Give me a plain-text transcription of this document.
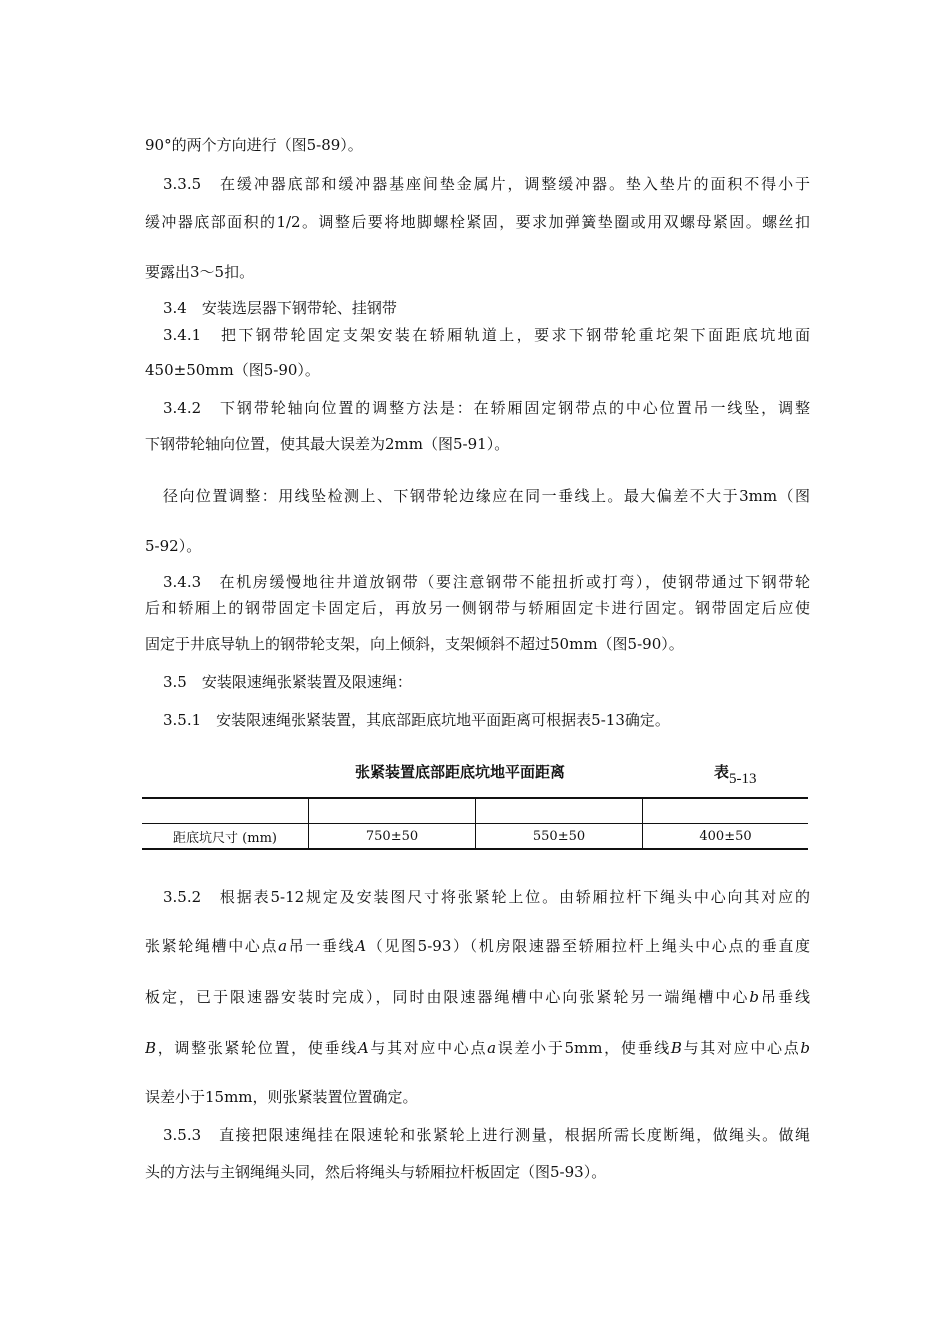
90°的两个方向进行（图5-89）。
3.3.5　在缓冲器底部和缓冲器基座间垫金属片，调整缓冲器。垫入垫片的面积不得小于
缓冲器底部面积的1/2。调整后要将地脚螺栓紧固，要求加弹簧垫圈或用双螺母紧固。螺丝扣
要露出3～5扣。
3.4　安装选层器下钢带轮、挂钢带
3.4.1　把下钢带轮固定支架安装在轿厢轨道上，要求下钢带轮重坨架下面距底坑地面
450±50mm（图5-90）。
3.4.2　下钢带轮轴向位置的调整方法是：在轿厢固定钢带点的中心位置吊一线坠，调整
下钢带轮轴向位置，使其最大误差为2mm（图5-91）。
径向位置调整：用线坠检测上、下钢带轮边缘应在同一垂线上。最大偏差不大于3mm（图
5-92）。
3.4.3　在机房缓慢地往井道放钢带（要注意钢带不能扭折或打弯），使钢带通过下钢带轮
后和轿厢上的钢带固定卡固定后，再放另一侧钢带与轿厢固定卡进行固定。钢带固定后应使
固定于井底导轨上的钢带轮支架，向上倾斜，支架倾斜不超过50mm（图5-90）。
3.5　安装限速绳张紧装置及限速绳：
3.5.1　安装限速绳张紧装置，其底部距底坑地平面距离可根据表5-13确定。
张紧装置底部距底坑地平面距离	表5-13

距底坑尺寸 (mm)	750±50	550±50	400±50
3.5.2　根据表5-12规定及安装图尺寸将张紧轮上位。由轿厢拉杆下绳头中心向其对应的
张紧轮绳槽中心点a吊一垂线A（见图5-93）（机房限速器至轿厢拉杆上绳头中心点的垂直度
板定，已于限速器安装时完成），同时由限速器绳槽中心向张紧轮另一端绳槽中心b吊垂线
B，调整张紧轮位置，使垂线A与其对应中心点a误差小于5mm，使垂线B与其对应中心点b
误差小于15mm，则张紧装置位置确定。
3.5.3　直接把限速绳挂在限速轮和张紧轮上进行测量，根据所需长度断绳，做绳头。做绳
头的方法与主钢绳绳头同，然后将绳头与轿厢拉杆板固定（图5-93）。
